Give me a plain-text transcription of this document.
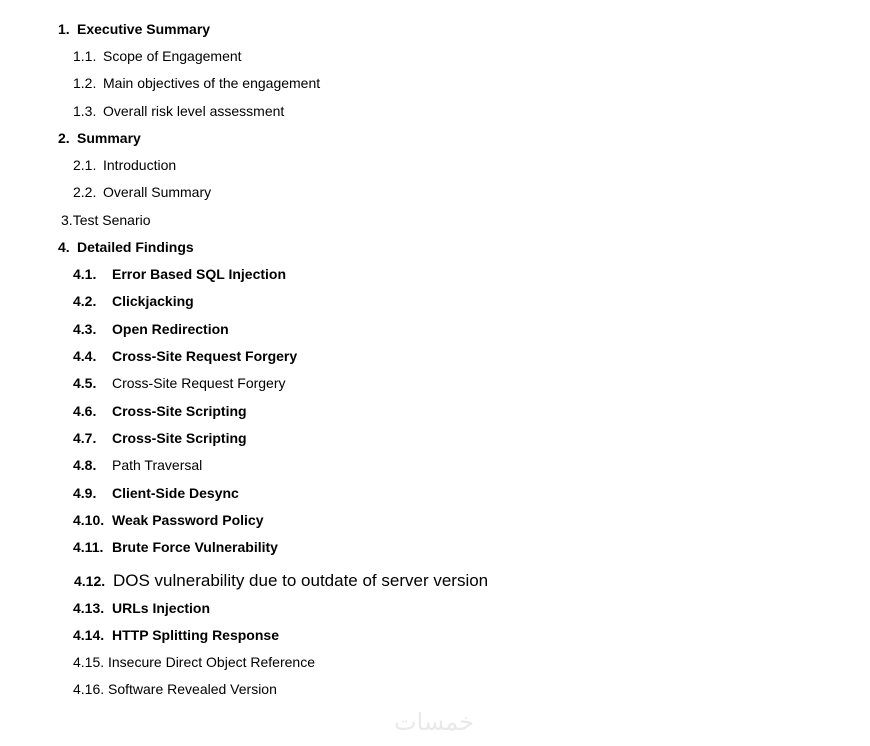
1. Executive Summary
1.1. Scope of Engagement
1.2. Main objectives of the engagement
1.3. Overall risk level assessment
2. Summary
2.1. Introduction
2.2. Overall Summary
3.Test Senario
4. Detailed Findings
4.1. Error Based SQL Injection
4.2. Clickjacking
4.3. Open Redirection
4.4. Cross-Site Request Forgery
4.5. Cross-Site Request Forgery
4.6. Cross-Site Scripting
4.7. Cross-Site Scripting
4.8. Path Traversal
4.9. Client-Side Desync
4.10. Weak Password Policy
4.11. Brute Force Vulnerability
4.12. DOS vulnerability due to outdate of server version
4.13. URLs Injection
4.14. HTTP Splitting Response
4.15. Insecure Direct Object Reference
4.16. Software Revealed Version
خمسات
